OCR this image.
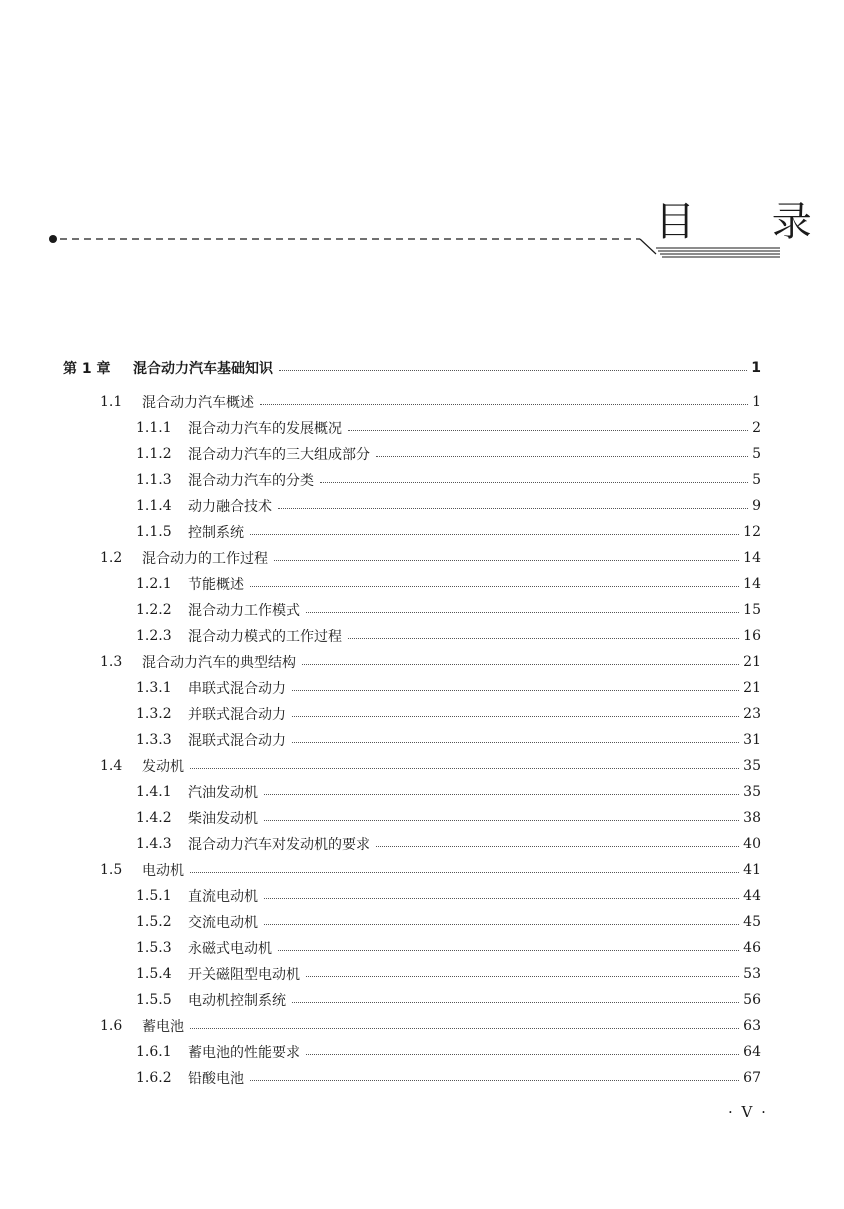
目 录
第 1 章	混合动力汽车基础知识	1
1.1	混合动力汽车概述	1
1.1.1	混合动力汽车的发展概况	2
1.1.2	混合动力汽车的三大组成部分	5
1.1.3	混合动力汽车的分类	5
1.1.4	动力融合技术	9
1.1.5	控制系统	12
1.2	混合动力的工作过程	14
1.2.1	节能概述	14
1.2.2	混合动力工作模式	15
1.2.3	混合动力模式的工作过程	16
1.3	混合动力汽车的典型结构	21
1.3.1	串联式混合动力	21
1.3.2	并联式混合动力	23
1.3.3	混联式混合动力	31
1.4	发动机	35
1.4.1	汽油发动机	35
1.4.2	柴油发动机	38
1.4.3	混合动力汽车对发动机的要求	40
1.5	电动机	41
1.5.1	直流电动机	44
1.5.2	交流电动机	45
1.5.3	永磁式电动机	46
1.5.4	开关磁阻型电动机	53
1.5.5	电动机控制系统	56
1.6	蓄电池	63
1.6.1	蓄电池的性能要求	64
1.6.2	铅酸电池	67
· V ·
